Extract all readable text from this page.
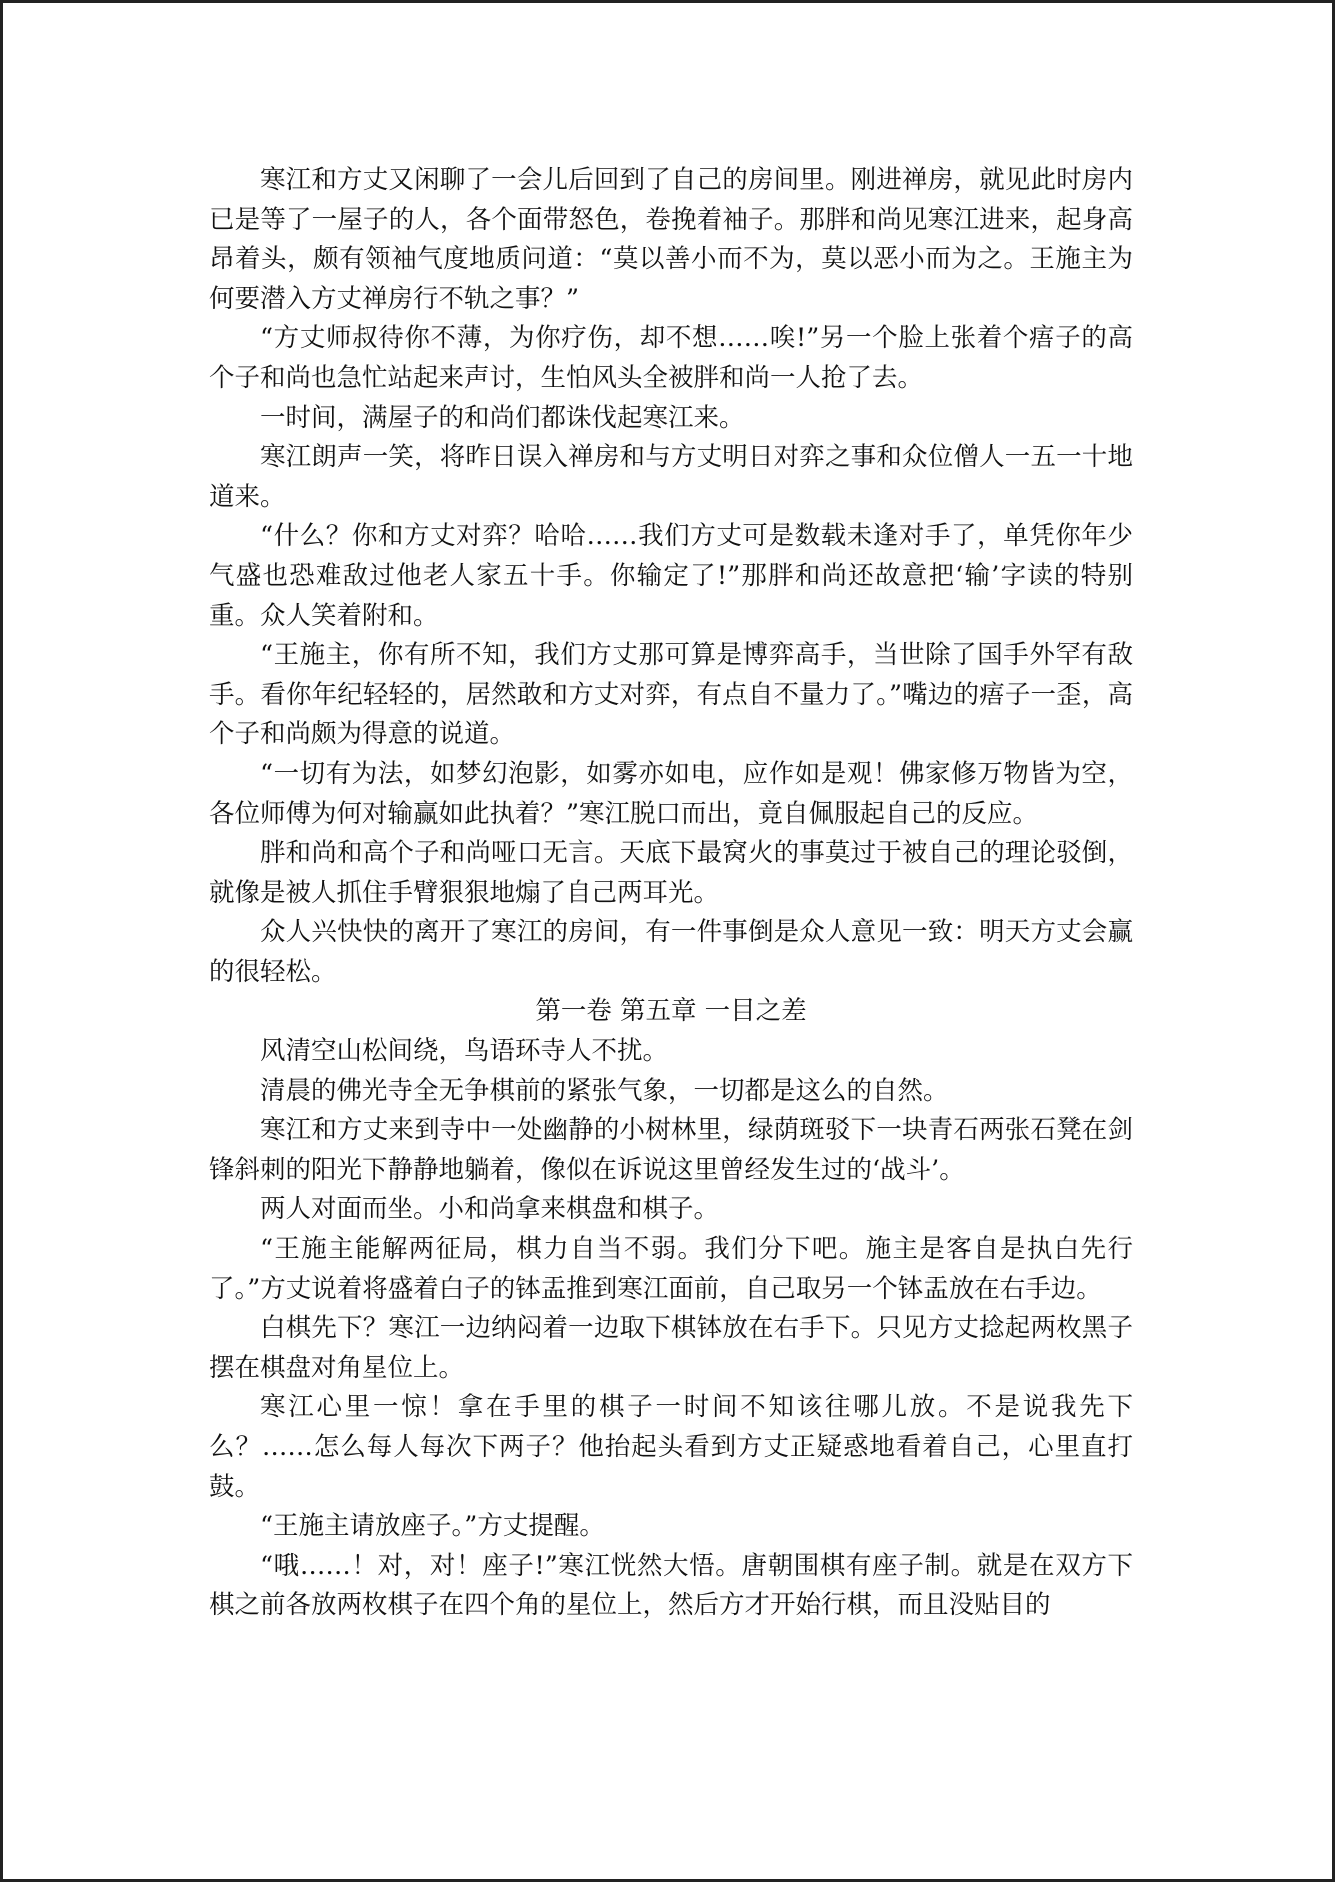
寒江和方丈又闲聊了一会儿后回到了自己的房间里。刚进禅房，就见此时房内已是等了一屋子的人，各个面带怒色，卷挽着袖子。那胖和尚见寒江进来，起身高昂着头，颇有领袖气度地质问道：“莫以善小而不为，莫以恶小而为之。王施主为何要潜入方丈禅房行不轨之事？”

“方丈师叔待你不薄，为你疗伤，却不想……唉!”另一个脸上张着个痦子的高个子和尚也急忙站起来声讨，生怕风头全被胖和尚一人抢了去。

一时间，满屋子的和尚们都诛伐起寒江来。

寒江朗声一笑，将昨日误入禅房和与方丈明日对弈之事和众位僧人一五一十地道来。

“什么？你和方丈对弈？哈哈……我们方丈可是数载未逢对手了，单凭你年少气盛也恐难敌过他老人家五十手。你输定了!”那胖和尚还故意把‘输’字读的特别重。众人笑着附和。

“王施主，你有所不知，我们方丈那可算是博弈高手，当世除了国手外罕有敌手。看你年纪轻轻的，居然敢和方丈对弈，有点自不量力了。”嘴边的痦子一歪，高个子和尚颇为得意的说道。

“一切有为法，如梦幻泡影，如雾亦如电，应作如是观！佛家修万物皆为空，各位师傅为何对输赢如此执着？”寒江脱口而出，竟自佩服起自己的反应。

胖和尚和高个子和尚哑口无言。天底下最窝火的事莫过于被自己的理论驳倒，就像是被人抓住手臂狠狠地煽了自己两耳光。

众人兴快快的离开了寒江的房间，有一件事倒是众人意见一致：明天方丈会赢的很轻松。

第一卷 第五章 一目之差

风清空山松间绕，鸟语环寺人不扰。

清晨的佛光寺全无争棋前的紧张气象，一切都是这么的自然。

寒江和方丈来到寺中一处幽静的小树林里，绿荫斑驳下一块青石两张石凳在剑锋斜刺的阳光下静静地躺着，像似在诉说这里曾经发生过的‘战斗’。

两人对面而坐。小和尚拿来棋盘和棋子。

“王施主能解两征局，棋力自当不弱。我们分下吧。施主是客自是执白先行了。”方丈说着将盛着白子的钵盂推到寒江面前，自己取另一个钵盂放在右手边。

白棋先下？寒江一边纳闷着一边取下棋钵放在右手下。只见方丈捻起两枚黑子摆在棋盘对角星位上。

寒江心里一惊！拿在手里的棋子一时间不知该往哪儿放。不是说我先下么？……怎么每人每次下两子？他抬起头看到方丈正疑惑地看着自己，心里直打鼓。

“王施主请放座子。”方丈提醒。

“哦……！对，对！座子!”寒江恍然大悟。唐朝围棋有座子制。就是在双方下棋之前各放两枚棋子在四个角的星位上，然后方才开始行棋，而且没贴目的
